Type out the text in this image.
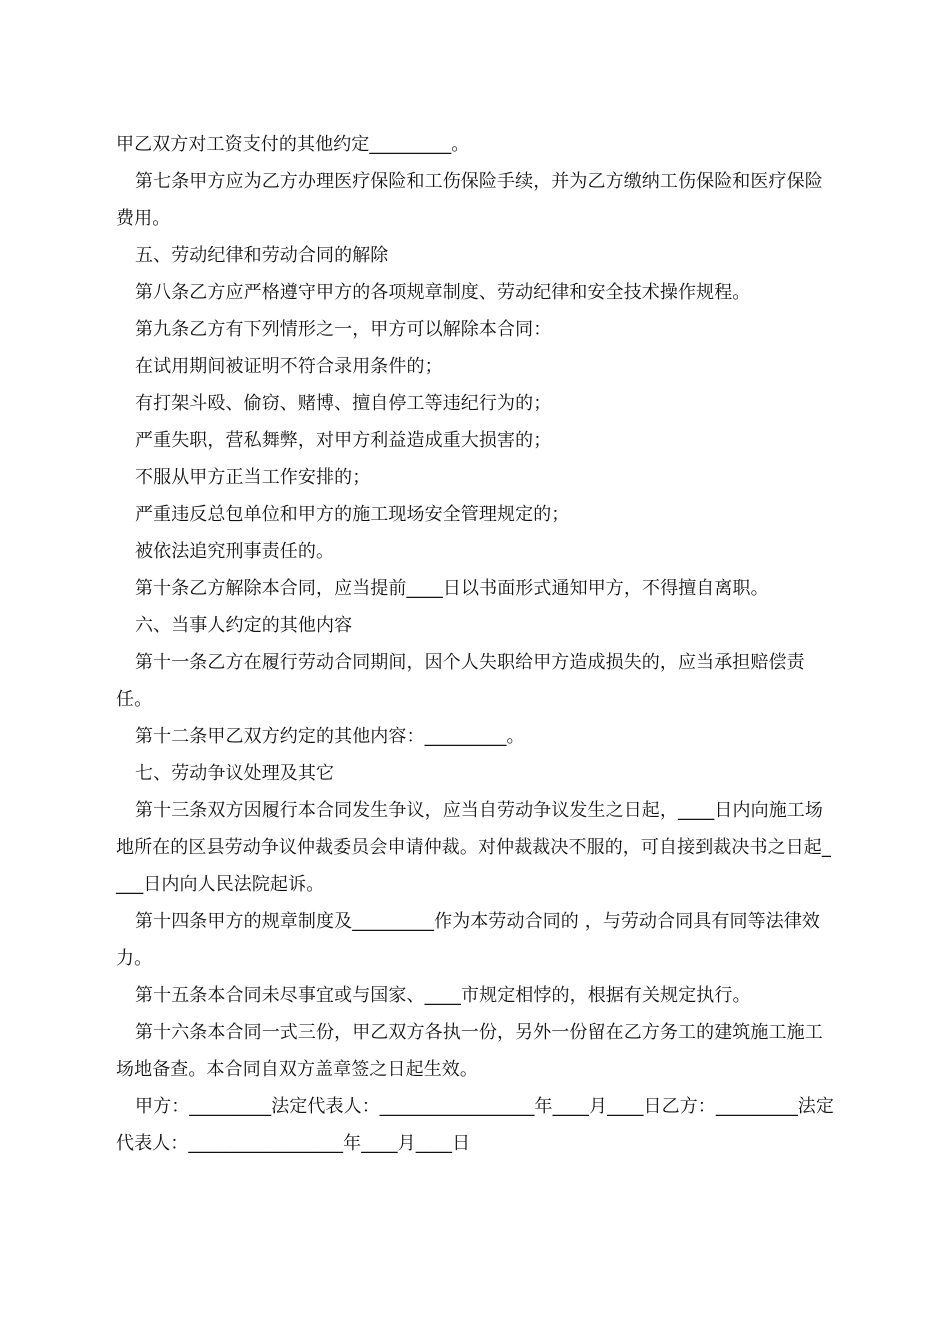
甲乙双方对工资支付的其他约定_________。

第七条甲方应为乙方办理医疗保险和工伤保险手续，并为乙方缴纳工伤保险和医疗保险费用。

五、劳动纪律和劳动合同的解除

第八条乙方应严格遵守甲方的各项规章制度、劳动纪律和安全技术操作规程。

第九条乙方有下列情形之一，甲方可以解除本合同：

在试用期间被证明不符合录用条件的；

有打架斗殴、偷窃、赌博、擅自停工等违纪行为的；

严重失职，营私舞弊，对甲方利益造成重大损害的；

不服从甲方正当工作安排的；

严重违反总包单位和甲方的施工现场安全管理规定的；

被依法追究刑事责任的。

第十条乙方解除本合同，应当提前____日以书面形式通知甲方，不得擅自离职。

六、当事人约定的其他内容

第十一条乙方在履行劳动合同期间，因个人失职给甲方造成损失的，应当承担赔偿责任。

第十二条甲乙双方约定的其他内容：_________。

七、劳动争议处理及其它

第十三条双方因履行本合同发生争议，应当自劳动争议发生之日起，____日内向施工场地所在的区县劳动争议仲裁委员会申请仲裁。对仲裁裁决不服的，可自接到裁决书之日起____日内向人民法院起诉。

第十四条甲方的规章制度及_________作为本劳动合同的 ，与劳动合同具有同等法律效力。

第十五条本合同未尽事宜或与国家、____市规定相悖的，根据有关规定执行。

第十六条本合同一式三份，甲乙双方各执一份，另外一份留在乙方务工的建筑施工施工场地备查。本合同自双方盖章签之日起生效。

甲方：_________法定代表人：_________________年____月____日乙方：_________法定代表人：_________________年____月____日
